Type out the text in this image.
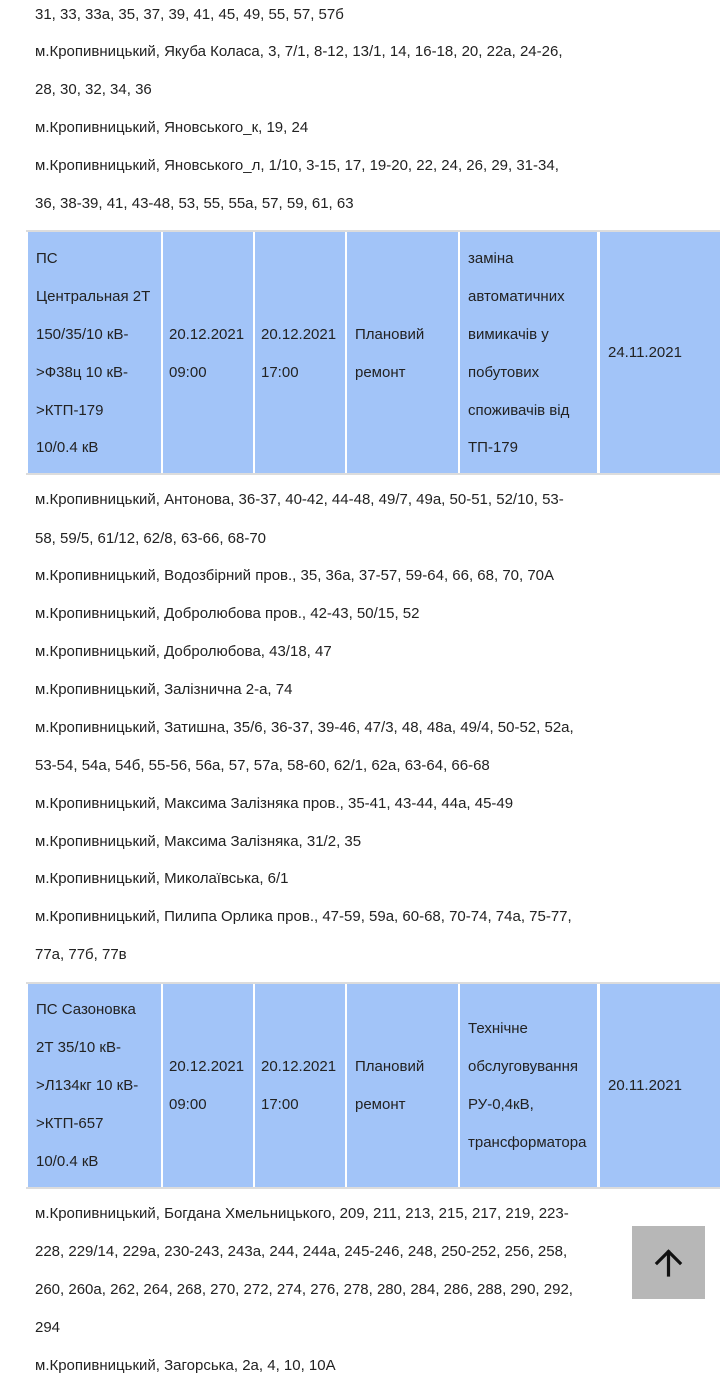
31, 33, 33а, 35, 37, 39, 41, 45, 49, 55, 57, 57б
м.Кропивницький, Якуба Коласа, 3, 7/1, 8-12, 13/1, 14, 16-18, 20, 22а, 24-26,
28, 30, 32, 34, 36
м.Кропивницький, Яновського_к, 19, 24
м.Кропивницький, Яновського_л, 1/10, 3-15, 17, 19-20, 22, 24, 26, 29, 31-34,
36, 38-39, 41, 43-48, 53, 55, 55а, 57, 59, 61, 63
ПС
Центральная 2Т
150/35/10 кВ-
>Ф38ц 10 кВ-
>КТП-179
10/0.4 кВ
20.12.2021
09:00
20.12.2021
17:00
Плановий
ремонт
заміна
автоматичних
вимикачів у
побутових
споживачів від
ТП-179
24.11.2021
м.Кропивницький, Антонова, 36-37, 40-42, 44-48, 49/7, 49а, 50-51, 52/10, 53-
58, 59/5, 61/12, 62/8, 63-66, 68-70
м.Кропивницький, Водозбірний пров., 35, 36а, 37-57, 59-64, 66, 68, 70, 70А
м.Кропивницький, Добролюбова пров., 42-43, 50/15, 52
м.Кропивницький, Добролюбова, 43/18, 47
м.Кропивницький, Залізнична 2-а, 74
м.Кропивницький, Затишна, 35/6, 36-37, 39-46, 47/3, 48, 48а, 49/4, 50-52, 52а,
53-54, 54а, 54б, 55-56, 56а, 57, 57а, 58-60, 62/1, 62а, 63-64, 66-68
м.Кропивницький, Максима Залізняка пров., 35-41, 43-44, 44а, 45-49
м.Кропивницький, Максима Залізняка, 31/2, 35
м.Кропивницький, Миколаївська, 6/1
м.Кропивницький, Пилипа Орлика пров., 47-59, 59а, 60-68, 70-74, 74а, 75-77,
77а, 77б, 77в
ПС Сазоновка
2Т 35/10 кВ-
>Л134кг 10 кВ-
>КТП-657
10/0.4 кВ
20.12.2021
09:00
20.12.2021
17:00
Плановий
ремонт
Технічне
обслуговування
РУ-0,4кВ,
трансформатора
20.11.2021
м.Кропивницький, Богдана Хмельницького, 209, 211, 213, 215, 217, 219, 223-
228, 229/14, 229а, 230-243, 243а, 244, 244а, 245-246, 248, 250-252, 256, 258,
260, 260а, 262, 264, 268, 270, 272, 274, 276, 278, 280, 284, 286, 288, 290, 292,
294
м.Кропивницький, Загорська, 2а, 4, 10, 10А
